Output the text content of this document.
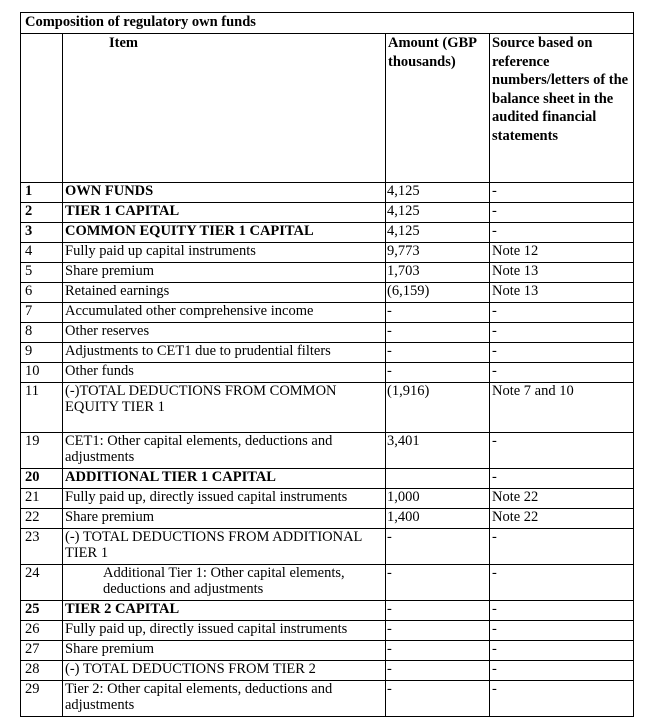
Composition of regulatory own funds			
	Item	Amount (GBP thousands)	Source based on reference numbers/letters of the balance sheet in the audited financial statements
1	OWN FUNDS	4,125	-
2	TIER 1 CAPITAL	4,125	-
3	COMMON EQUITY TIER 1 CAPITAL	4,125	-
4	Fully paid up capital instruments	9,773	Note 12
5	Share premium	1,703	Note 13
6	Retained earnings	(6,159)	Note 13
7	Accumulated other comprehensive income	-	-
8	Other reserves	-	-
9	Adjustments to CET1 due to prudential filters	-	-
10	Other funds	-	-
11	(-)TOTAL DEDUCTIONS FROM COMMON EQUITY TIER 1	(1,916)	Note 7 and 10
19	CET1: Other capital elements, deductions and adjustments	3,401	-
20	ADDITIONAL TIER 1 CAPITAL		-
21	Fully paid up, directly issued capital instruments	1,000	Note 22
22	Share premium	1,400	Note 22
23	(-) TOTAL DEDUCTIONS FROM ADDITIONAL TIER 1	-	-
24	Additional Tier 1: Other capital elements, deductions and adjustments	-	-
25	TIER 2 CAPITAL	-	-
26	Fully paid up, directly issued capital instruments	-	-
27	Share premium	-	-
28	(-) TOTAL DEDUCTIONS FROM TIER 2	-	-
29	Tier 2: Other capital elements, deductions and adjustments	-	-
